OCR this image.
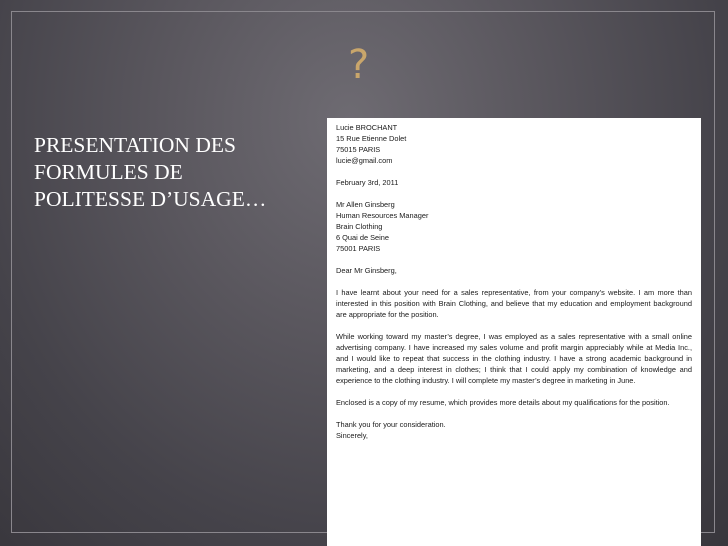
?
PRESENTATION DES
FORMULES DE
POLITESSE D’USAGE…
Lucie BROCHANT
15 Rue Etienne Dolet
75015 PARIS
lucie@gmail.com
February 3rd, 2011
Mr Allen Ginsberg
Human Resources Manager
Brain Clothing
6 Quai de Seine
75001 PARIS
Dear Mr Ginsberg,
I have learnt about your need for a sales representative, from your company’s website. I am more than interested in this position with Brain Clothing, and believe that my education and employment background are appropriate for the position.
While working toward my master’s degree, I was employed as a sales representative with a small online advertising company. I have increased my sales volume and profit margin appreciably while at Media Inc., and I would like to repeat that success in the clothing industry. I have a strong academic background in marketing, and a deep interest in clothes; I think that I could apply my combination of knowledge and experience to the clothing industry. I will complete my master’s degree in marketing in June.
Enclosed is a copy of my resume, which provides more details about my qualifications for the position.
Thank you for your consideration.
Sincerely,
